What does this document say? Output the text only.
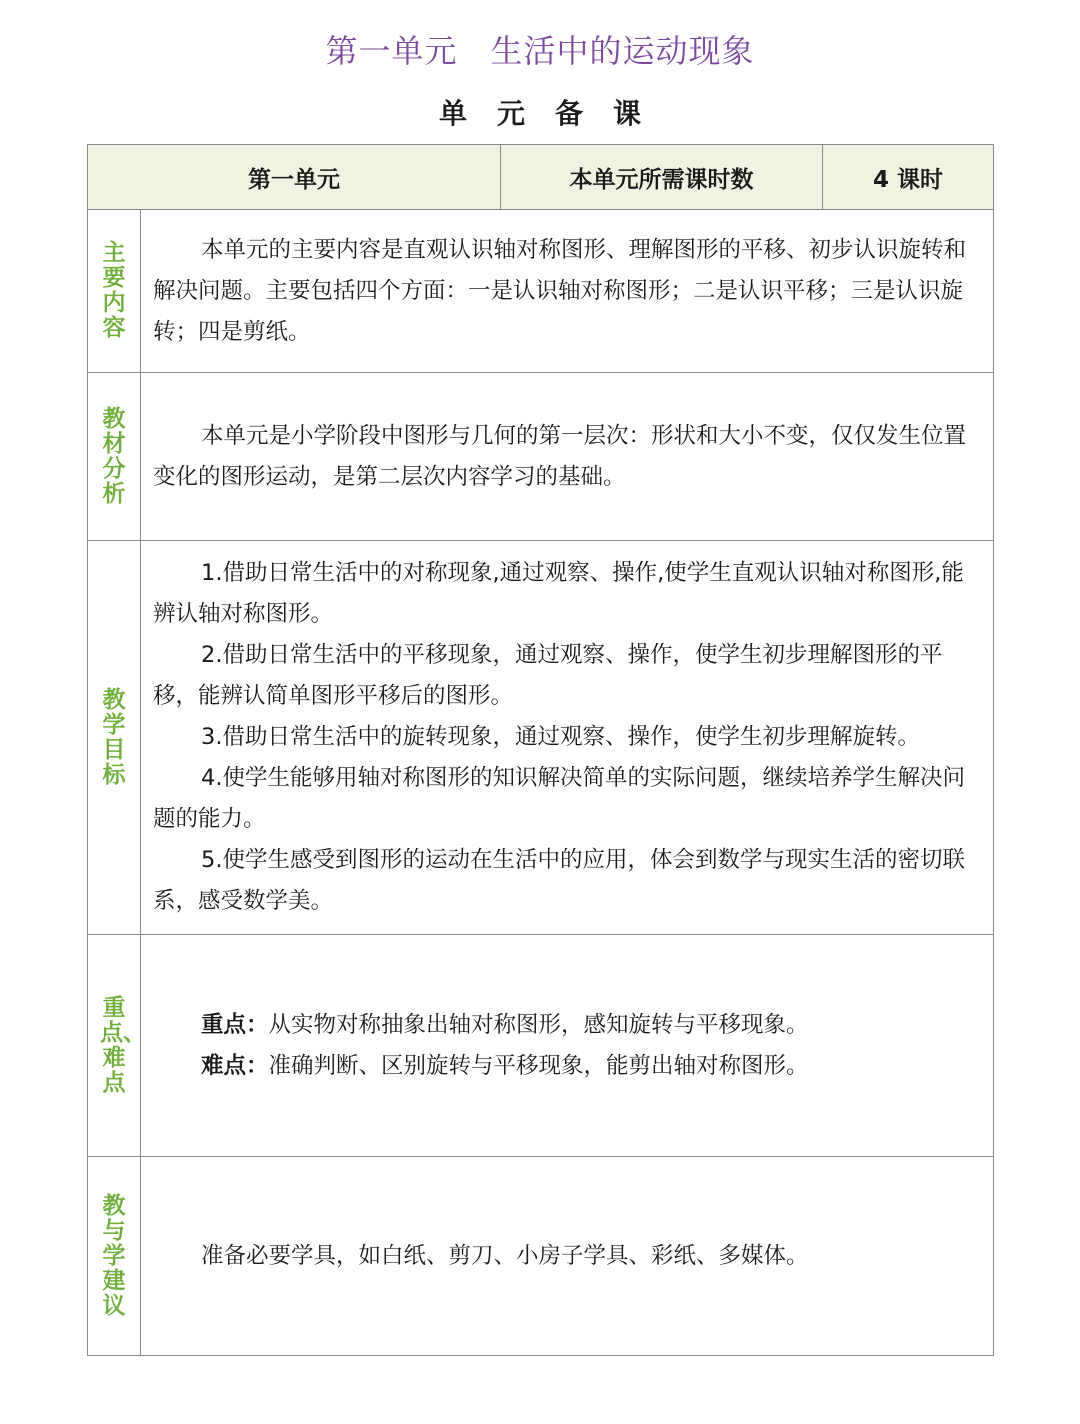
第一单元　生活中的运动现象
单元备课
第一单元		本单元所需课时数	4 课时
主要内容	本单元的主要内容是直观认识轴对称图形、理解图形的平移、初步认识旋转和解决问题。主要包括四个方面：一是认识轴对称图形；二是认识平移；三是认识旋转；四是剪纸。		

教材分析	本单元是小学阶段中图形与几何的第一层次：形状和大小不变，仅仅发生位置变化的图形运动，是第二层次内容学习的基础。		

教学目标	1.借助日常生活中的对称现象,通过观察、操作,使学生直观认识轴对称图形,能辨认轴对称图形。

2.借助日常生活中的平移现象，通过观察、操作，使学生初步理解图形的平移，能辨认简单图形平移后的图形。

3.借助日常生活中的旋转现象，通过观察、操作，使学生初步理解旋转。

4.使学生能够用轴对称图形的知识解决简单的实际问题，继续培养学生解决问题的能力。

5.使学生感受到图形的运动在生活中的应用，体会到数学与现实生活的密切联系，感受数学美。		

重点、难点	重点：从实物对称抽象出轴对称图形，感知旋转与平移现象。

难点：准确判断、区别旋转与平移现象，能剪出轴对称图形。		

教与学建议	准备必要学具，如白纸、剪刀、小房子学具、彩纸、多媒体。		
